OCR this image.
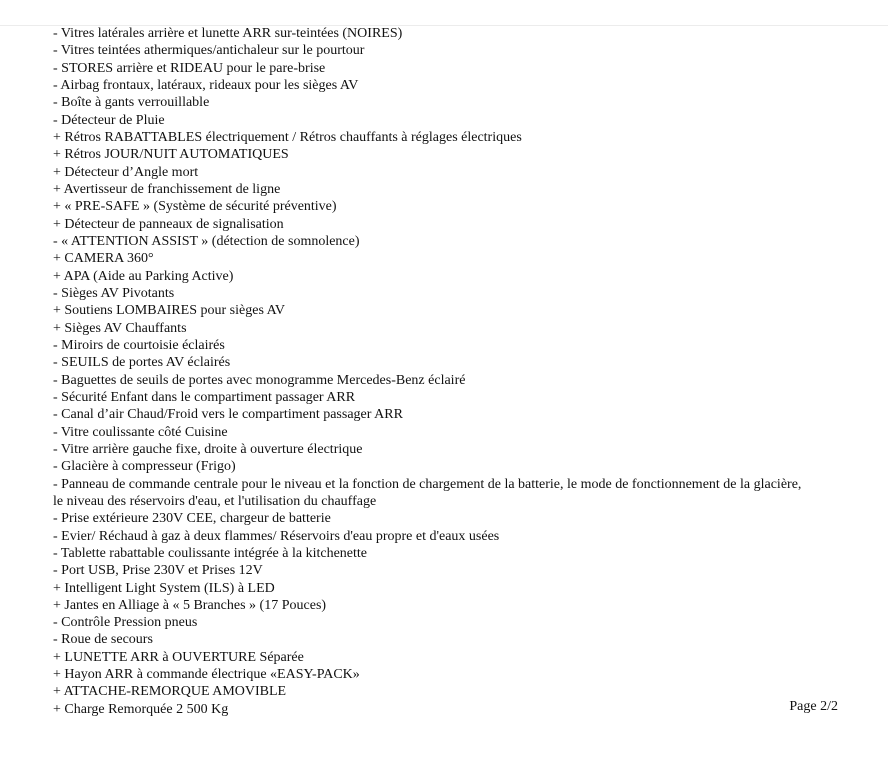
- Vitres latérales arrière et lunette ARR sur-teintées (NOIRES)

- Vitres teintées athermiques/antichaleur sur le pourtour

- STORES arrière et RIDEAU pour le pare-brise

- Airbag frontaux, latéraux, rideaux pour les sièges AV

- Boîte à gants verrouillable

- Détecteur de Pluie

+ Rétros RABATTABLES électriquement / Rétros chauffants à réglages électriques

+ Rétros JOUR/NUIT AUTOMATIQUES

+ Détecteur d’Angle mort

+ Avertisseur de franchissement de ligne

+ « PRE-SAFE » (Système de sécurité préventive)

+ Détecteur de panneaux de signalisation

- « ATTENTION ASSIST » (détection de somnolence)

+ CAMERA 360°

+ APA (Aide au Parking Active)

- Sièges AV Pivotants

+ Soutiens LOMBAIRES pour sièges AV

+ Sièges AV Chauffants

- Miroirs de courtoisie éclairés

- SEUILS de portes AV éclairés

- Baguettes de seuils de portes avec monogramme Mercedes-Benz éclairé

- Sécurité Enfant dans le compartiment passager ARR

- Canal d’air Chaud/Froid vers le compartiment passager ARR

- Vitre coulissante côté Cuisine

- Vitre arrière gauche fixe, droite à ouverture électrique

- Glacière à compresseur (Frigo)

- Panneau de commande centrale pour le niveau et la fonction de chargement de la batterie, le mode de fonctionnement de la glacière, le niveau des réservoirs d'eau, et l'utilisation du chauffage

- Prise extérieure 230V CEE, chargeur de batterie

- Evier/ Réchaud à gaz à deux flammes/ Réservoirs d'eau propre et d'eaux usées

- Tablette rabattable coulissante intégrée à la kitchenette

- Port USB, Prise 230V et Prises 12V

+ Intelligent Light System (ILS) à LED

+ Jantes en Alliage à « 5 Branches » (17 Pouces)

- Contrôle Pression pneus

- Roue de secours

+ LUNETTE ARR à OUVERTURE Séparée

+ Hayon ARR à commande électrique «EASY-PACK»

+ ATTACHE-REMORQUE AMOVIBLE

+ Charge Remorquée 2 500 Kg	Page 2/2
